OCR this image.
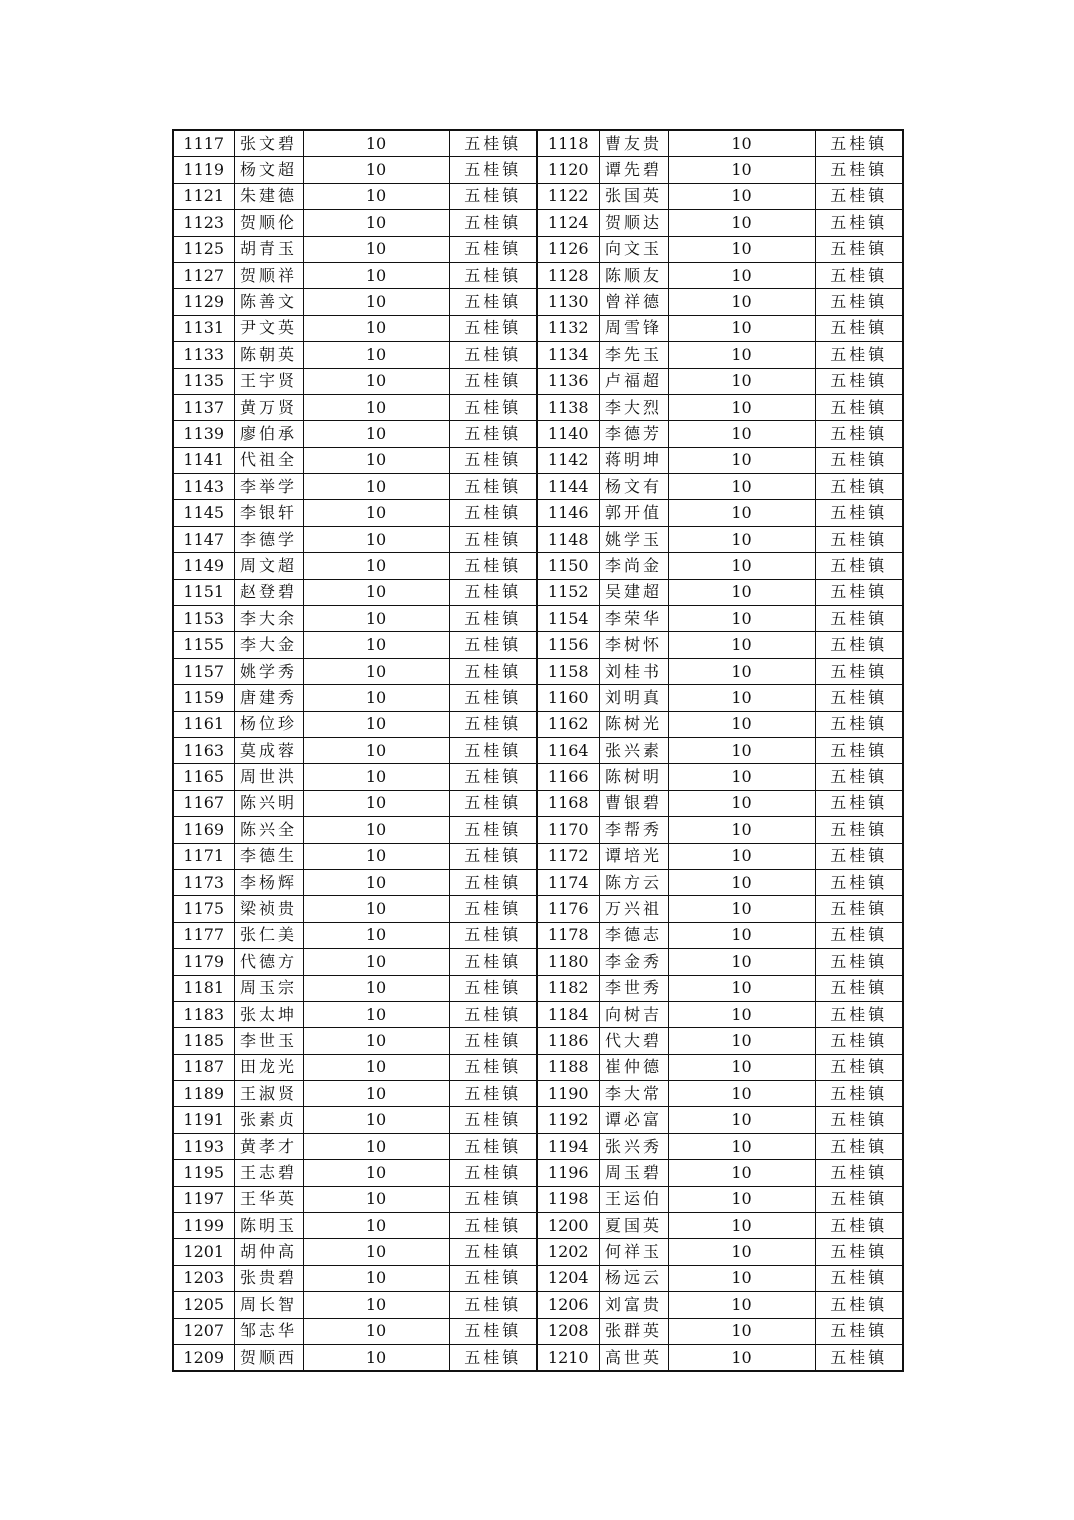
1117	张文碧	10	五桂镇	1118	曹友贵	10	五桂镇
1119	杨文超	10	五桂镇	1120	谭先碧	10	五桂镇
1121	朱建德	10	五桂镇	1122	张国英	10	五桂镇
1123	贺顺伦	10	五桂镇	1124	贺顺达	10	五桂镇
1125	胡青玉	10	五桂镇	1126	向文玉	10	五桂镇
1127	贺顺祥	10	五桂镇	1128	陈顺友	10	五桂镇
1129	陈善文	10	五桂镇	1130	曾祥德	10	五桂镇
1131	尹文英	10	五桂镇	1132	周雪锋	10	五桂镇
1133	陈朝英	10	五桂镇	1134	李先玉	10	五桂镇
1135	王宇贤	10	五桂镇	1136	卢福超	10	五桂镇
1137	黄万贤	10	五桂镇	1138	李大烈	10	五桂镇
1139	廖伯承	10	五桂镇	1140	李德芳	10	五桂镇
1141	代祖全	10	五桂镇	1142	蒋明坤	10	五桂镇
1143	李举学	10	五桂镇	1144	杨文有	10	五桂镇
1145	李银轩	10	五桂镇	1146	郭开值	10	五桂镇
1147	李德学	10	五桂镇	1148	姚学玉	10	五桂镇
1149	周文超	10	五桂镇	1150	李尚金	10	五桂镇
1151	赵登碧	10	五桂镇	1152	吴建超	10	五桂镇
1153	李大余	10	五桂镇	1154	李荣华	10	五桂镇
1155	李大金	10	五桂镇	1156	李树怀	10	五桂镇
1157	姚学秀	10	五桂镇	1158	刘桂书	10	五桂镇
1159	唐建秀	10	五桂镇	1160	刘明真	10	五桂镇
1161	杨位珍	10	五桂镇	1162	陈树光	10	五桂镇
1163	莫成蓉	10	五桂镇	1164	张兴素	10	五桂镇
1165	周世洪	10	五桂镇	1166	陈树明	10	五桂镇
1167	陈兴明	10	五桂镇	1168	曹银碧	10	五桂镇
1169	陈兴全	10	五桂镇	1170	李帮秀	10	五桂镇
1171	李德生	10	五桂镇	1172	谭培光	10	五桂镇
1173	李杨辉	10	五桂镇	1174	陈方云	10	五桂镇
1175	梁祯贵	10	五桂镇	1176	万兴祖	10	五桂镇
1177	张仁美	10	五桂镇	1178	李德志	10	五桂镇
1179	代德方	10	五桂镇	1180	李金秀	10	五桂镇
1181	周玉宗	10	五桂镇	1182	李世秀	10	五桂镇
1183	张太坤	10	五桂镇	1184	向树吉	10	五桂镇
1185	李世玉	10	五桂镇	1186	代大碧	10	五桂镇
1187	田龙光	10	五桂镇	1188	崔仲德	10	五桂镇
1189	王淑贤	10	五桂镇	1190	李大常	10	五桂镇
1191	张素贞	10	五桂镇	1192	谭必富	10	五桂镇
1193	黄孝才	10	五桂镇	1194	张兴秀	10	五桂镇
1195	王志碧	10	五桂镇	1196	周玉碧	10	五桂镇
1197	王华英	10	五桂镇	1198	王运伯	10	五桂镇
1199	陈明玉	10	五桂镇	1200	夏国英	10	五桂镇
1201	胡仲高	10	五桂镇	1202	何祥玉	10	五桂镇
1203	张贵碧	10	五桂镇	1204	杨远云	10	五桂镇
1205	周长智	10	五桂镇	1206	刘富贵	10	五桂镇
1207	邹志华	10	五桂镇	1208	张群英	10	五桂镇
1209	贺顺西	10	五桂镇	1210	高世英	10	五桂镇
